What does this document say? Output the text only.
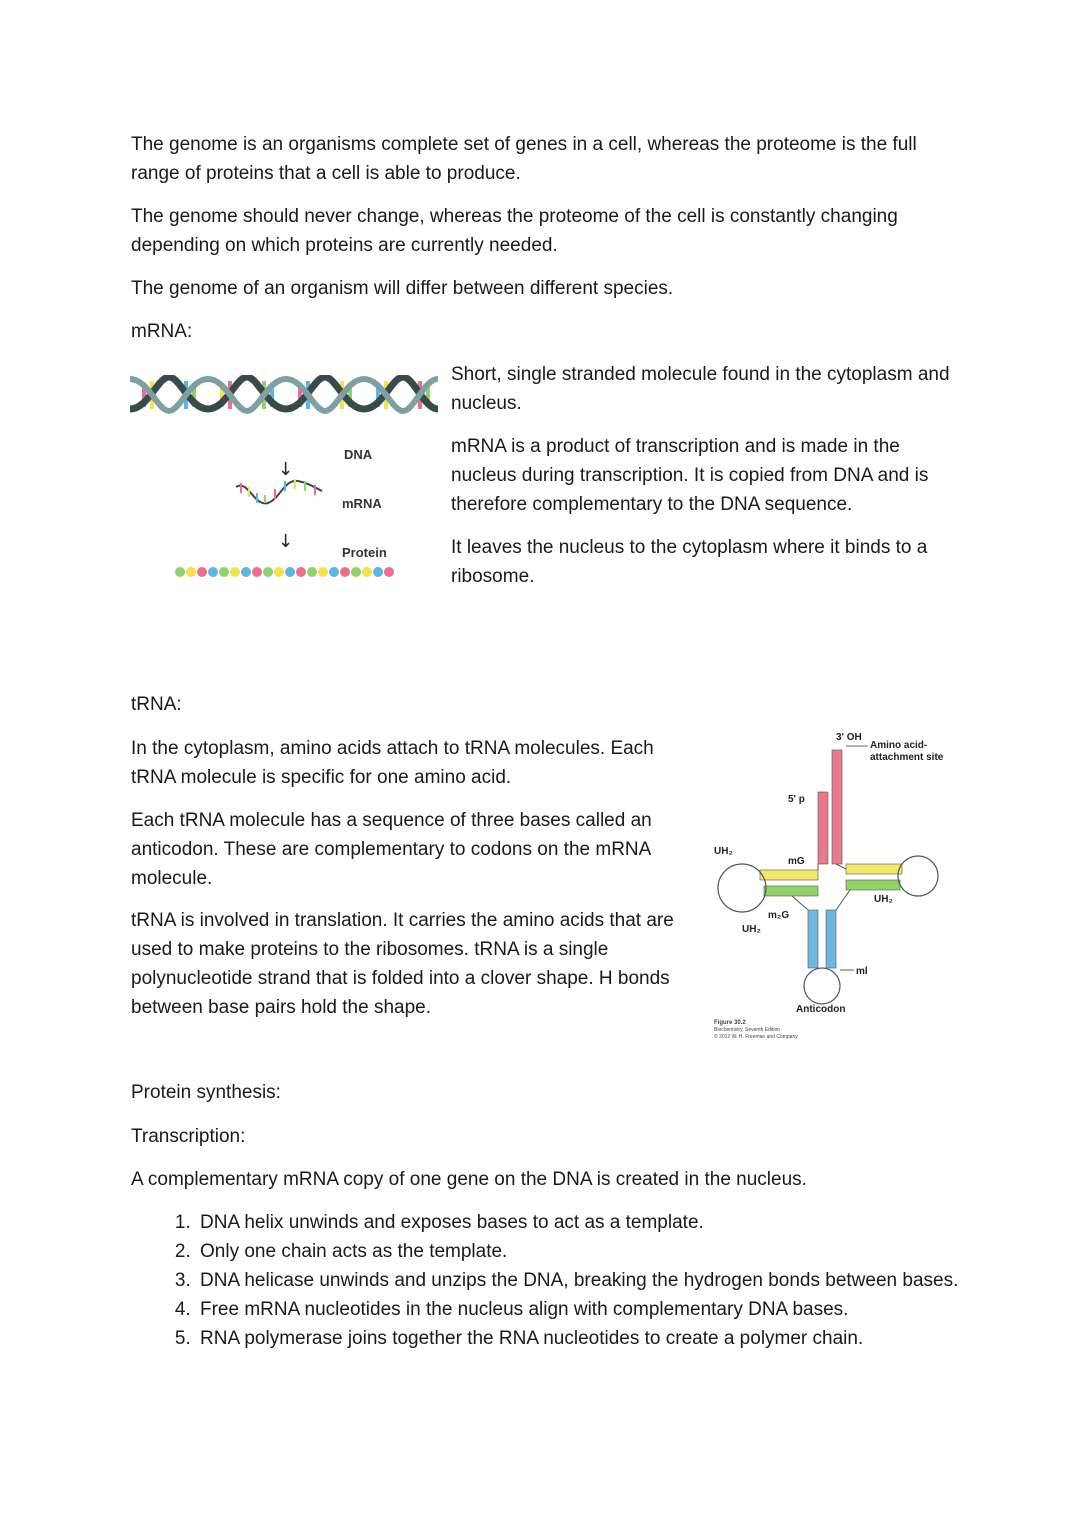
The genome is an organisms complete set of genes in a cell, whereas the proteome is the full range of proteins that a cell is able to produce.

The genome should never change, whereas the proteome of the cell is constantly changing depending on which proteins are currently needed.

The genome of an organism will differ between different species.

mRNA:

DNA
↓
mRNA
↓
Protein

Short, single stranded molecule found in the cytoplasm and nucleus.

mRNA is a product of transcription and is made in the nucleus during transcription. It is copied from DNA and is therefore complementary to the DNA sequence.

It leaves the nucleus to the cytoplasm where it binds to a ribosome.

tRNA:

In the cytoplasm, amino acids attach to tRNA molecules. Each tRNA molecule is specific for one amino acid.

Each tRNA molecule has a sequence of three bases called an anticodon. These are complementary to codons on the mRNA molecule.

tRNA is involved in translation. It carries the amino acids that are used to make proteins to the ribosomes. tRNA is a single polynucleotide strand that is folded into a clover shape. H bonds between base pairs hold the shape.

3' OH
Amino acid-
attachment site
5' p
mG
m₂G
UH₂
UH₂
UH₂
ml
Anticodon
Figure 30.2
Biochemistry, Seventh Edition
© 2012 W. H. Freeman and Company

Protein synthesis:

Transcription:

A complementary mRNA copy of one gene on the DNA is created in the nucleus.

1. DNA helix unwinds and exposes bases to act as a template.
2. Only one chain acts as the template.
3. DNA helicase unwinds and unzips the DNA, breaking the hydrogen bonds between bases.
4. Free mRNA nucleotides in the nucleus align with complementary DNA bases.
5. RNA polymerase joins together the RNA nucleotides to create a polymer chain.
